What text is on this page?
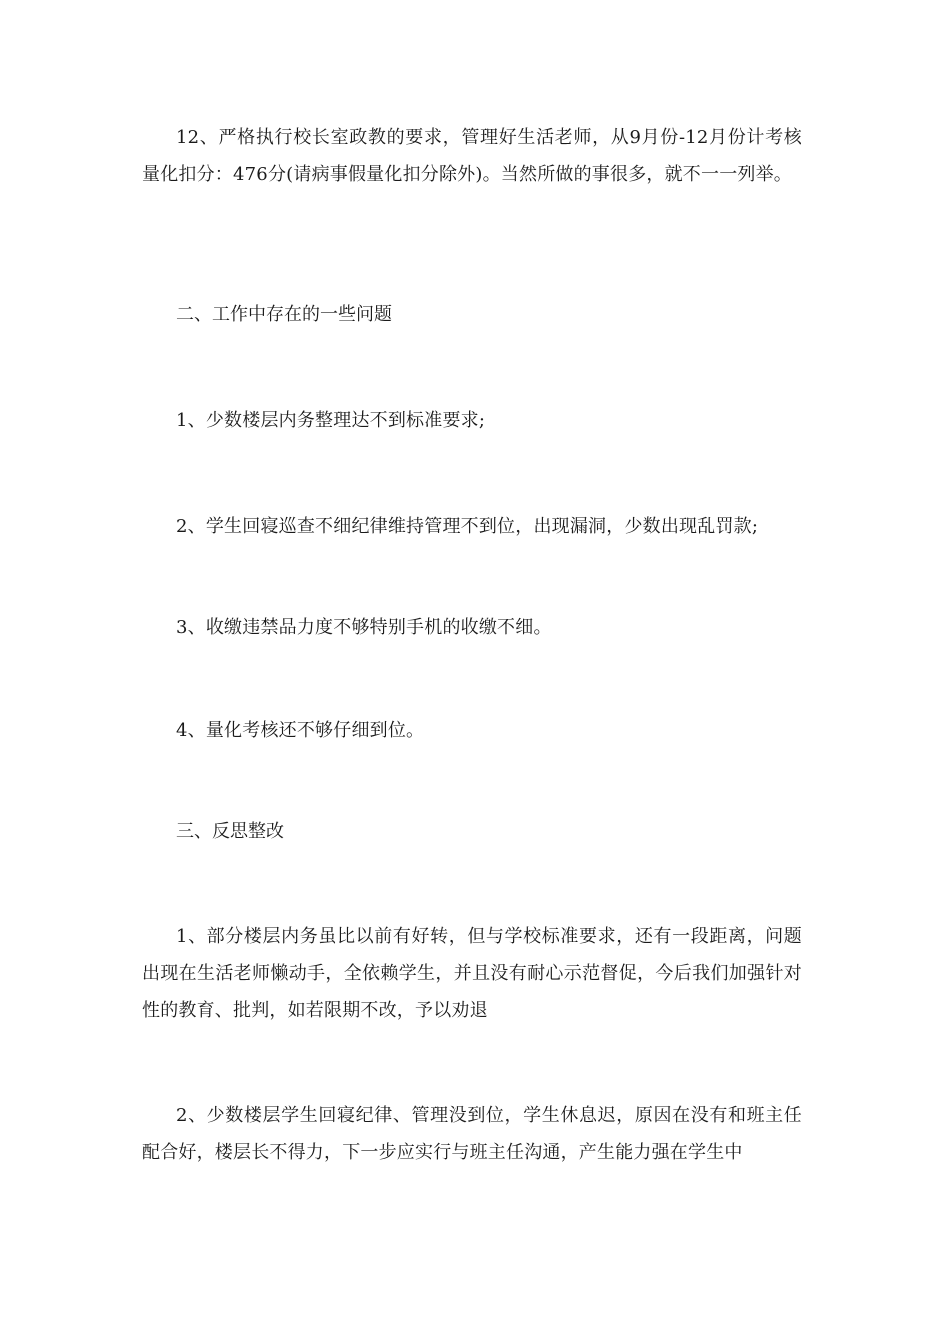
12、严格执行校长室政教的要求，管理好生活老师，从9月份-12月份计考核量化扣分：476分(请病事假量化扣分除外)。当然所做的事很多，就不一一列举。

二、工作中存在的一些问题

1、少数楼层内务整理达不到标准要求;

2、学生回寝巡查不细纪律维持管理不到位，出现漏洞，少数出现乱罚款;

3、收缴违禁品力度不够特别手机的收缴不细。

4、量化考核还不够仔细到位。

三、反思整改

1、部分楼层内务虽比以前有好转，但与学校标准要求，还有一段距离，问题出现在生活老师懒动手，全依赖学生，并且没有耐心示范督促，今后我们加强针对性的教育、批判，如若限期不改，予以劝退

2、少数楼层学生回寝纪律、管理没到位，学生休息迟，原因在没有和班主任配合好，楼层长不得力，下一步应实行与班主任沟通，产生能力强在学生中
